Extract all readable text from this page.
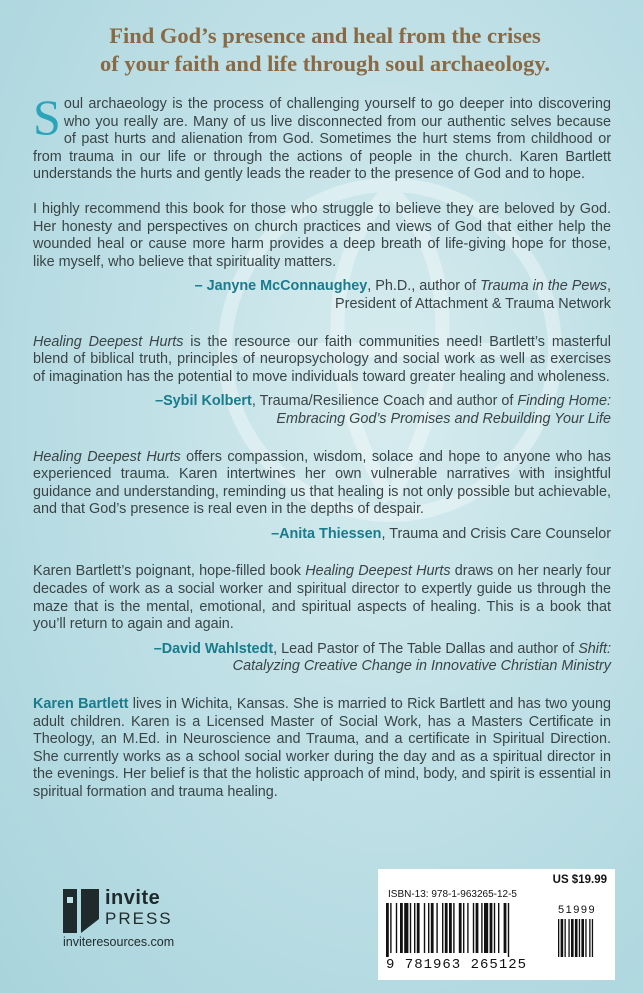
Find God’s presence and heal from the crises
of your faith and life through soul archaeology.

Soul archaeology is the process of challenging yourself to go deeper into discovering who you really are. Many of us live disconnected from our authentic selves because of past hurts and alienation from God. Sometimes the hurt stems from childhood or from trauma in our life or through the actions of people in the church. Karen Bartlett understands the hurts and gently leads the reader to the presence of God and to hope.

I highly recommend this book for those who struggle to believe they are beloved by God. Her honesty and perspectives on church practices and views of God that either help the wounded heal or cause more harm provides a deep breath of life-giving hope for those, like myself, who believe that spirituality matters.

– Janyne McConnaughey, Ph.D., author of Trauma in the Pews,
President of Attachment & Trauma Network

Healing Deepest Hurts is the resource our faith communities need! Bartlett’s masterful blend of biblical truth, principles of neuropsychology and social work as well as exercises of imagination has the potential to move individuals toward greater healing and wholeness.

–Sybil Kolbert, Trauma/Resilience Coach and author of Finding Home:
Embracing God’s Promises and Rebuilding Your Life

Healing Deepest Hurts offers compassion, wisdom, solace and hope to anyone who has experienced trauma. Karen intertwines her own vulnerable narratives with insightful guidance and understanding, reminding us that healing is not only possible but achievable, and that God’s presence is real even in the depths of despair.

–Anita Thiessen, Trauma and Crisis Care Counselor

Karen Bartlett’s poignant, hope-filled book Healing Deepest Hurts draws on her nearly four decades of work as a social worker and spiritual director to expertly guide us through the maze that is the mental, emotional, and spiritual aspects of healing. This is a book that you’ll return to again and again.

–David Wahlstedt, Lead Pastor of The Table Dallas and author of Shift:
Catalyzing Creative Change in Innovative Christian Ministry

Karen Bartlett lives in Wichita, Kansas. She is married to Rick Bartlett and has two young adult children. Karen is a Licensed Master of Social Work, has a Masters Certificate in Theology, an M.Ed. in Neuroscience and Trauma, and a certificate in Spiritual Direction. She currently works as a school social worker during the day and as a spiritual director in the evenings. Her belief is that the holistic approach of mind, body, and spirit is essential in spiritual formation and trauma healing.

invite
PRESS
inviteresources.com
US $19.99
ISBN-13: 978-1-963265-12-5
51999
9 781963 265125
